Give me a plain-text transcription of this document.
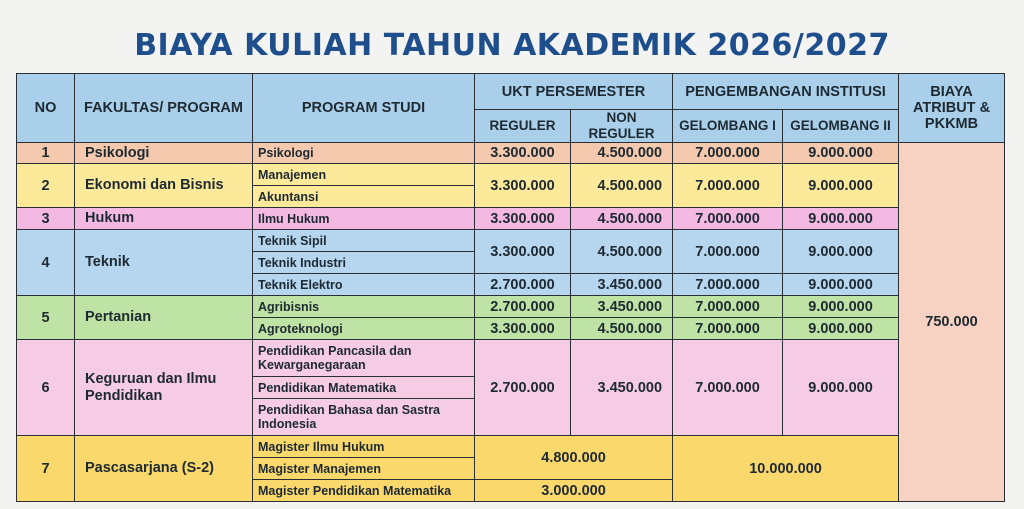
BIAYA KULIAH TAHUN AKADEMIK 2026/2027
NO	FAKULTAS/ PROGRAM	PROGRAM STUDI	UKT PERSEMESTER		PENGEMBANGAN INSTITUSI		BIAYA ATRIBUT & PKKMB
			REGULER	NON REGULER	GELOMBANG I	GELOMBANG II	
1	Psikologi	Psikologi	3.300.000	4.500.000	7.000.000	9.000.000	750.000
2	Ekonomi dan Bisnis	Manajemen	3.300.000	4.500.000	7.000.000	9.000.000	
		Akuntansi					
3	Hukum	Ilmu Hukum	3.300.000	4.500.000	7.000.000	9.000.000	
4	Teknik	Teknik Sipil	3.300.000	4.500.000	7.000.000	9.000.000	
		Teknik Industri					
		Teknik Elektro	2.700.000	3.450.000	7.000.000	9.000.000	
5	Pertanian	Agribisnis	2.700.000	3.450.000	7.000.000	9.000.000	
		Agroteknologi	3.300.000	4.500.000	7.000.000	9.000.000	
6	Keguruan dan Ilmu Pendidikan	Pendidikan Pancasila dan Kewarganegaraan	2.700.000	3.450.000	7.000.000	9.000.000	
		Pendidikan Matematika					
		Pendidikan Bahasa dan Sastra Indonesia					
7	Pascasarjana (S-2)	Magister Ilmu Hukum	4.800.000		10.000.000		
		Magister Manajemen					
		Magister Pendidikan Matematika	3.000.000				
